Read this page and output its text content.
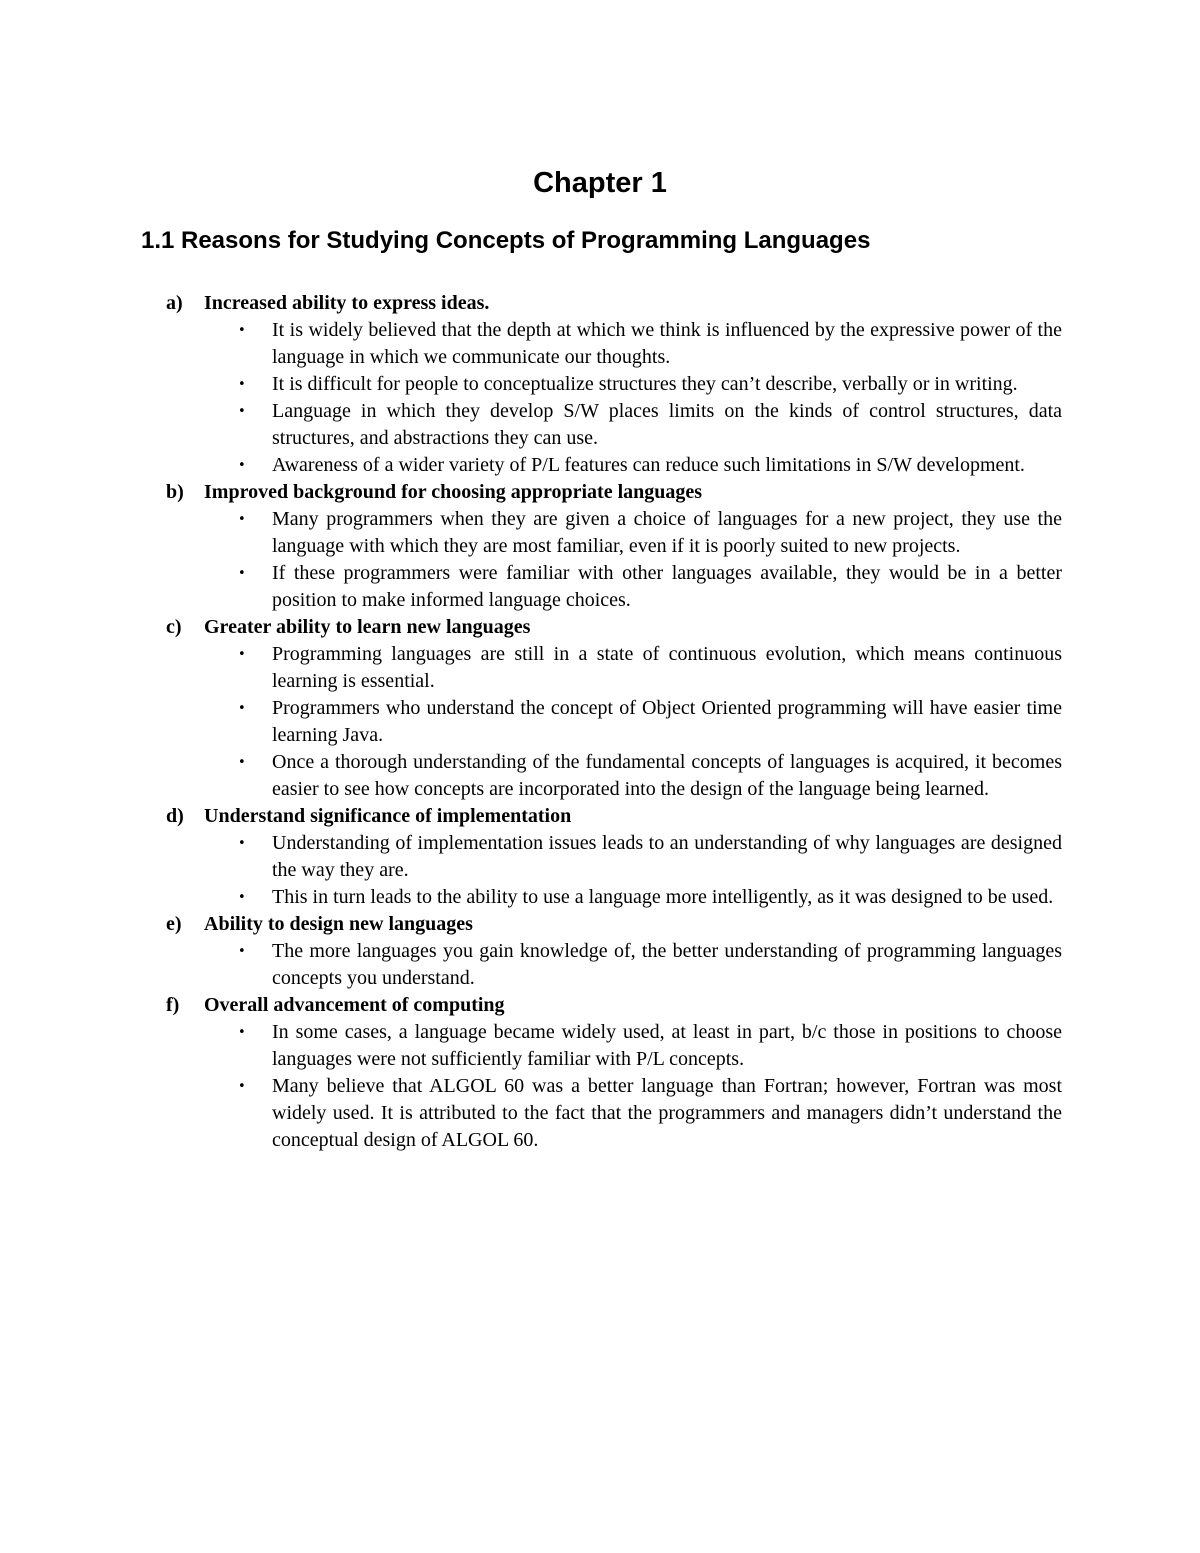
Chapter 1
1.1 Reasons for Studying Concepts of Programming Languages
a)	Increased ability to express ideas.
•	It is widely believed that the depth at which we think is influenced by the expressive power of the language in which we communicate our thoughts.
•	It is difficult for people to conceptualize structures they can’t describe, verbally or in writing.
•	Language in which they develop S/W places limits on the kinds of control structures, data structures, and abstractions they can use.
•	Awareness of a wider variety of P/L features can reduce such limitations in S/W development.
b)	Improved background for choosing appropriate languages
•	Many programmers when they are given a choice of languages for a new project, they use the language with which they are most familiar, even if it is poorly suited to new projects.
•	If these programmers were familiar with other languages available, they would be in a better position to make informed language choices.
c)	Greater ability to learn new languages
•	Programming languages are still in a state of continuous evolution, which means continuous learning is essential.
•	Programmers who understand the concept of Object Oriented programming will have easier time learning Java.
•	Once a thorough understanding of the fundamental concepts of languages is acquired, it becomes easier to see how concepts are incorporated into the design of the language being learned.
d)	Understand significance of implementation
•	Understanding of implementation issues leads to an understanding of why languages are designed the way they are.
•	This in turn leads to the ability to use a language more intelligently, as it was designed to be used.
e)	Ability to design new languages
•	The more languages you gain knowledge of, the better understanding of programming languages concepts you understand.
f)	Overall advancement of computing
•	In some cases, a language became widely used, at least in part, b/c those in positions to choose languages were not sufficiently familiar with P/L concepts.
•	Many believe that ALGOL 60 was a better language than Fortran; however, Fortran was most widely used. It is attributed to the fact that the programmers and managers didn’t understand the conceptual design of ALGOL 60.
